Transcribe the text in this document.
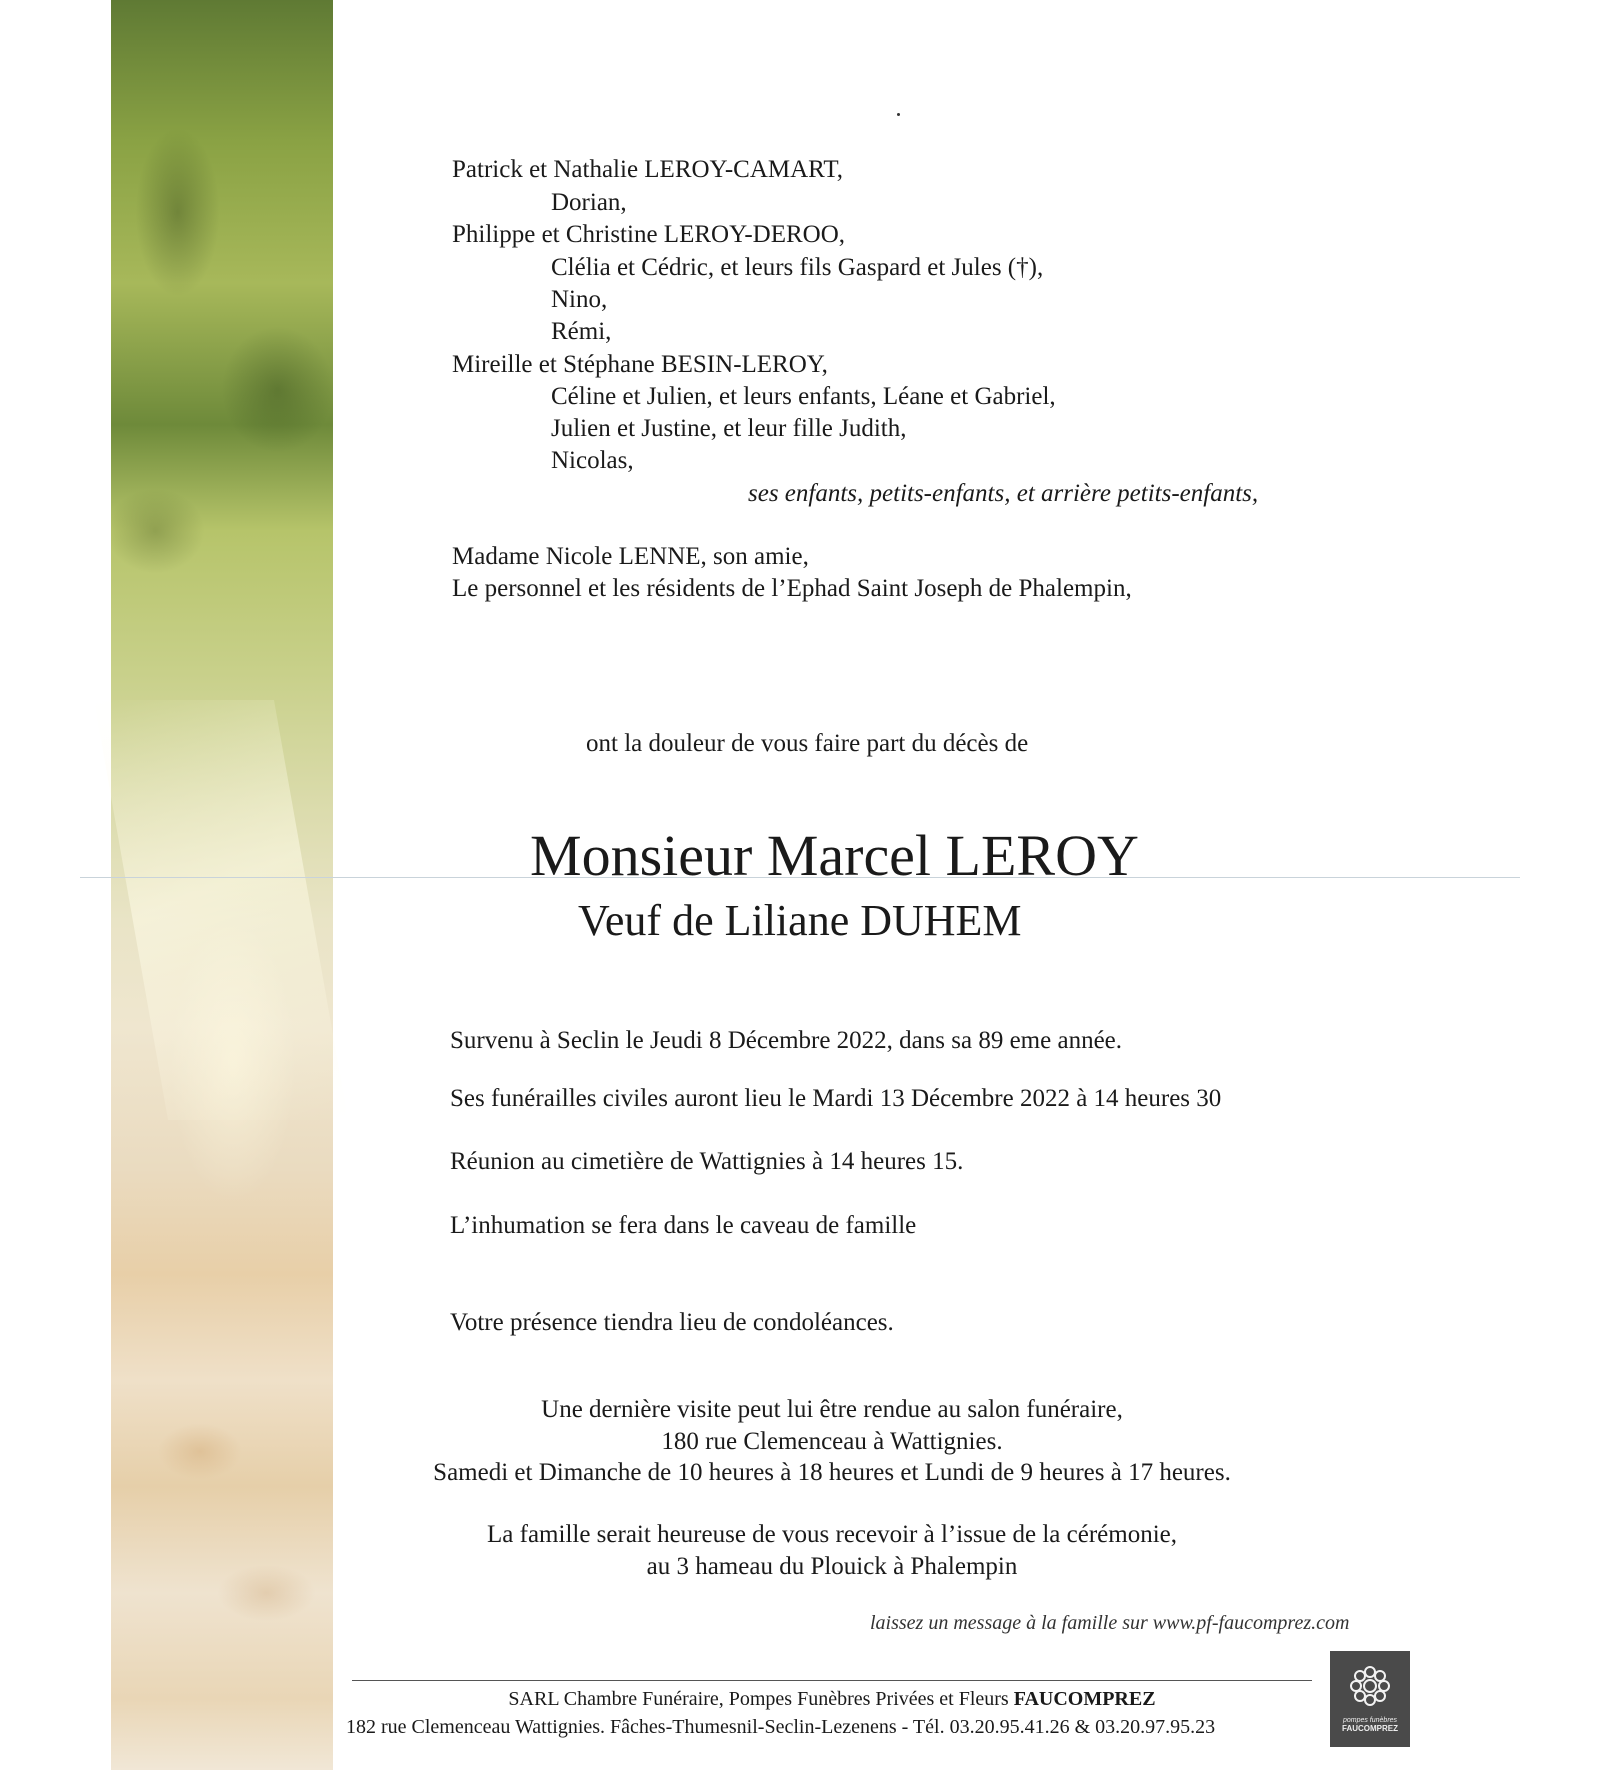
Patrick et Nathalie LEROY-CAMART,
Dorian,
Philippe et Christine LEROY-DEROO,
Clélia et Cédric, et leurs fils Gaspard et Jules (†),
Nino,
Rémi,
Mireille et Stéphane BESIN-LEROY,
Céline et Julien, et leurs enfants, Léane et Gabriel,
Julien et Justine, et leur fille Judith,
Nicolas,
ses enfants, petits-enfants, et arrière petits-enfants,
Madame Nicole LENNE, son amie,
Le personnel et les résidents de l’Ephad Saint Joseph de Phalempin,
ont la douleur de vous faire part du décès de
Monsieur Marcel LEROY
Veuf de Liliane DUHEM
Survenu à Seclin le Jeudi 8 Décembre 2022, dans sa 89 eme année.
Ses funérailles civiles auront lieu le Mardi 13 Décembre 2022 à 14 heures 30
Réunion au cimetière de Wattignies à 14 heures 15.
L’inhumation se fera dans le caveau de famille
Votre présence tiendra lieu de condoléances.
Une dernière visite peut lui être rendue au salon funéraire,
180 rue Clemenceau à Wattignies.
Samedi et Dimanche de 10 heures à 18 heures et Lundi de 9 heures à 17 heures.
La famille serait heureuse de vous recevoir à l’issue de la cérémonie,
au 3 hameau du Plouick à Phalempin
laissez un message à la famille sur www.pf-faucomprez.com
SARL Chambre Funéraire, Pompes Funèbres Privées et Fleurs FAUCOMPREZ
182 rue Clemenceau Wattignies. Fâches-Thumesnil-Seclin-Lezenens - Tél. 03.20.95.41.26 & 03.20.97.95.23	pompes funèbres
FAUCOMPREZ
